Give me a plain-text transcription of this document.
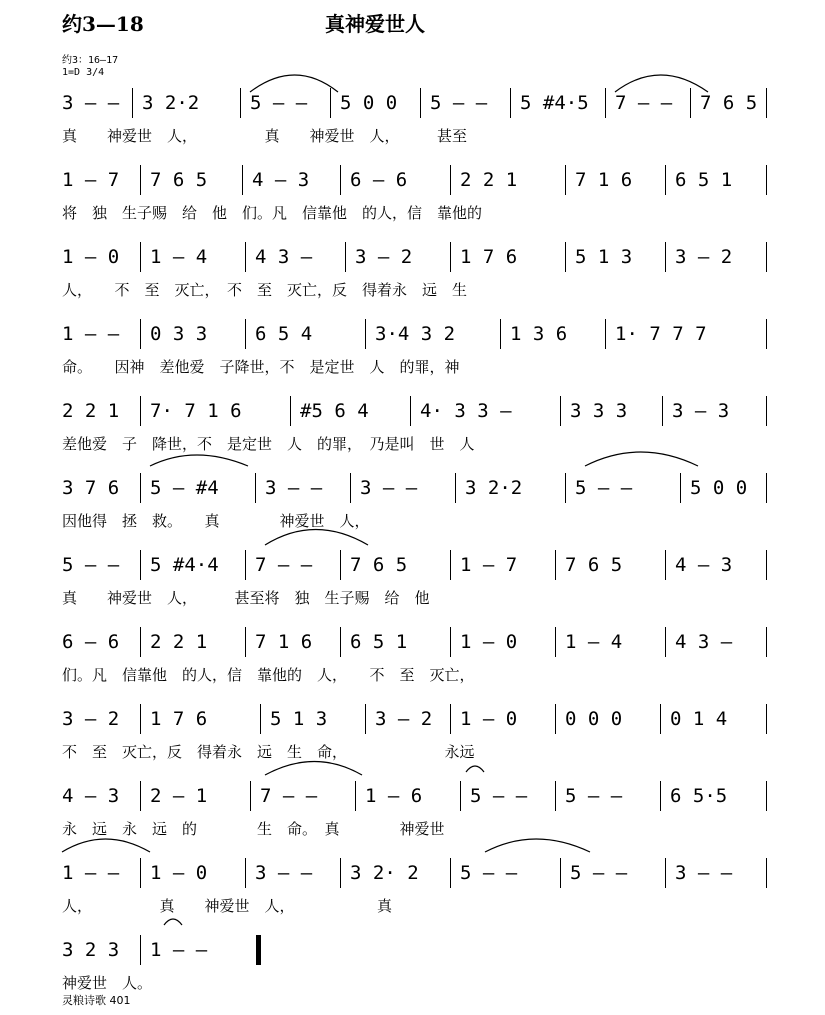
约3—18	真神爱世人
约3：16—17
1=D 3/4
3 – – 3 2·2	5 – –	5 0 0	5 – –	5 #4·5	7 – –	7 6 5
真　　神爱世　人，　　　　　真　　神爱世　人，　　　甚至
1 – 7	7 6 5	4 – 3	6 – 6	2 2 1	7 1 6	6 5 1
将　独　生子赐　给　他　们。凡　信靠他　的人，信　靠他的
1 – 0	1 – 4	4 3 –	3 – 2	1 7 6	5 1 3	3 – 2
人，　　不　至　灭亡，　不　至　灭亡，反　得着永　远　生
1 – –	0 3 3	6 5 4	3·4 3 2	1 3 6	1· 7 7 7
命。　　因神　差他爱　子降世，不　是定世　人　的罪，神
2 2 1	7· 7 1 6	#5 6 4	4· 3 3 –	3 3 3	3 – 3
差他爱　子　降世，不　是定世　人　的罪，　乃是叫　世　人
3 7 6	5 – #4	3 – –	3 – –	3 2·2	5 – –	5 0 0
因他得　拯　救。　　真　　　　神爱世　人，
5 – –	5 #4·4	7 – –	7 6 5	1 – 7	7 6 5	4 – 3
真　　神爱世　人，　　　甚至将　独　生子赐　给　他
6 – 6	2 2 1	7 1 6	6 5 1	1 – 0	1 – 4	4 3 –
们。凡　信靠他　的人，信　靠他的　人，　　不　至　灭亡，
3 – 2	1 7 6	5 1 3	3 – 2	1 – 0	0 0 0	0 1 4
不　至　灭亡，反　得着永　远　生　命，　　　　　　　永远
4 – 3	2 – 1	7 – –	1 – 6	5 – –	5 – –	6 5·5
永　远　永　远　的　　　　生　命。　真　　　　神爱世
1 – –	1 – 0	3 – –	3 2· 2	5 – –	5 – –	3 – –
人，　　　　　真　　神爱世　人，　　　　　　真
3 2 3	1 – –
神爱世　人。
灵粮诗歌 401
